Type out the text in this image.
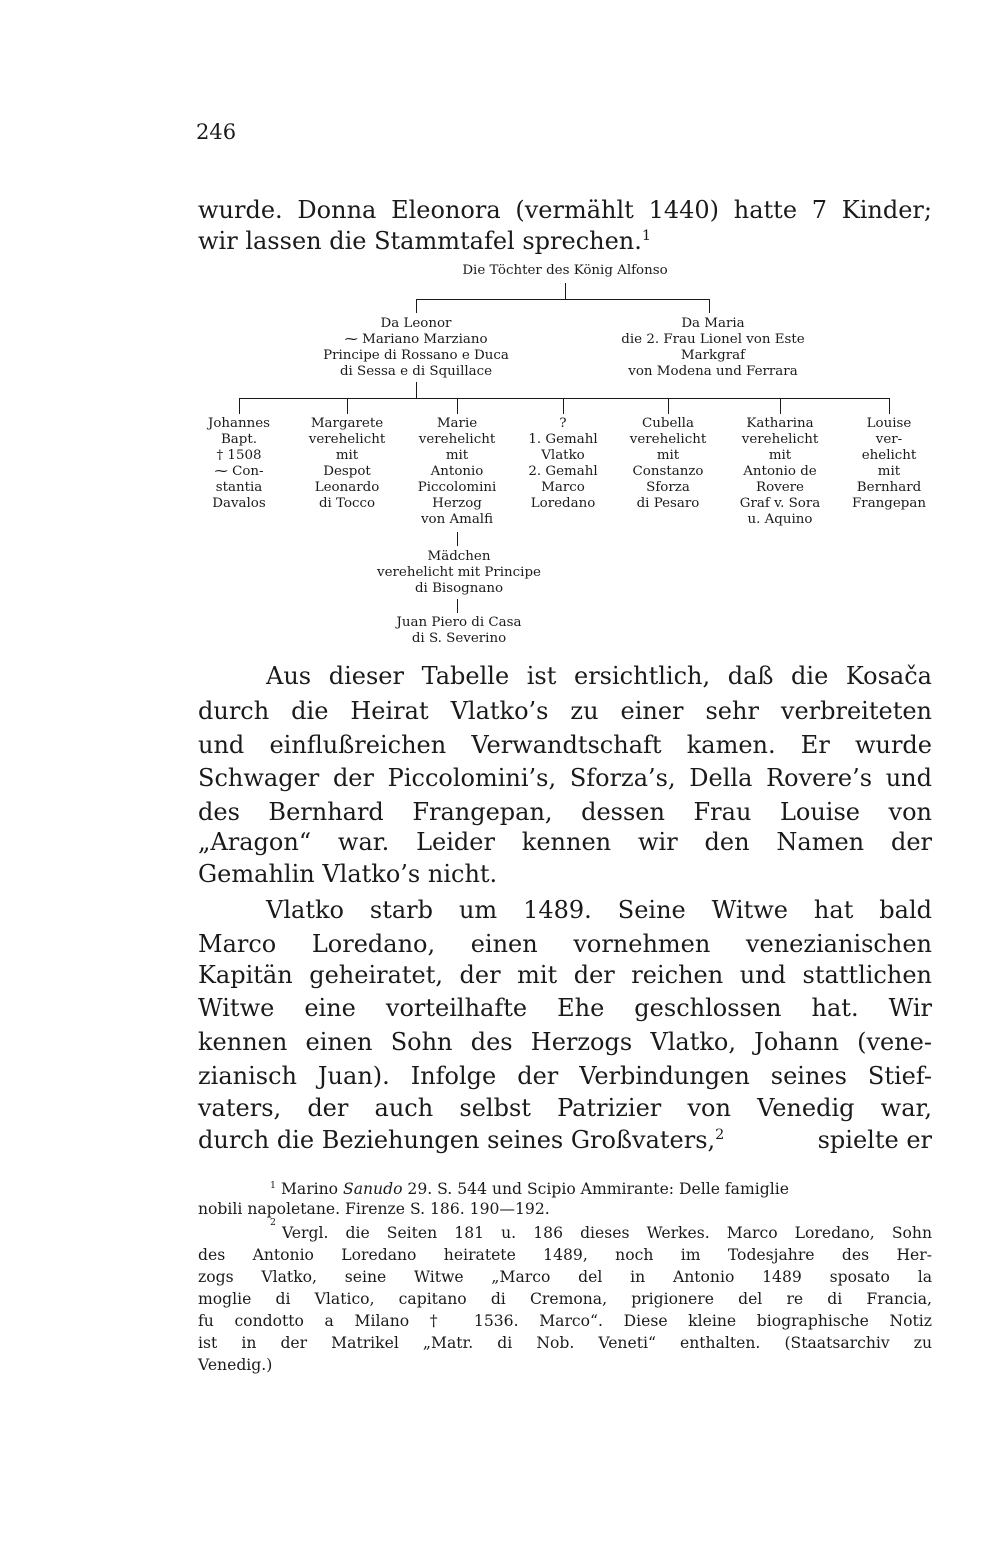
246
wurde. Donna Eleonora (vermählt 1440) hatte 7 Kinder;
wir lassen die Stammtafel sprechen.$^1$
Die Töchter des König Alfonso
Da Leonor
⁓ Mariano Marziano
Principe di Rossano e Duca
di Sessa e di Squillace
Da Maria
die 2. Frau Lionel von Este
Markgraf
von Modena und Ferrara
Johannes
Bapt.
† 1508
⁓ Con-
stantia
Davalos
Margarete
verehelicht
mit
Despot
Leonardo
di Tocco
Marie
verehelicht
mit
Antonio
Piccolomini
Herzog
von Amalfi
?
1. Gemahl
Vlatko
2. Gemahl
Marco
Loredano
Cubella
verehelicht
mit
Constanzo
Sforza
di Pesaro
Katharina
verehelicht
mit
Antonio de
Rovere
Graf v. Sora
u. Aquino
Louise
ver-
ehelicht
mit
Bernhard
Frangepan
Mädchen
verehelicht mit Principe
di Bisognano
Juan Piero di Casa
di S. Severino
Aus dieser Tabelle ist ersichtlich, daß die Kosača
durch die Heirat Vlatko’s zu einer sehr verbreiteten
und einflußreichen Verwandtschaft kamen. Er wurde
Schwager der Piccolomini’s, Sforza’s, Della Rovere’s und
des Bernhard Frangepan, dessen Frau Louise von
„Aragon“ war. Leider kennen wir den Namen der
Gemahlin Vlatko’s nicht.
Vlatko starb um 1489. Seine Witwe hat bald
Marco Loredano, einen vornehmen venezianischen
Kapitän geheiratet, der mit der reichen und stattlichen
Witwe eine vorteilhafte Ehe geschlossen hat. Wir
kennen einen Sohn des Herzogs Vlatko, Johann (vene-
zianisch Juan). Infolge der Verbindungen seines Stief-
vaters, der auch selbst Patrizier von Venedig war,
durch die Beziehungen seines Großvaters,$^2$	spielte er
$^1$ Marino Sanudo 29. S. 544 und Scipio Ammirante: Delle famiglie
nobili napoletane. Firenze S. 186. 190—192.
2
Vergl. die Seiten 181 u. 186 dieses Werkes. Marco Loredano, Sohn
des Antonio Loredano heiratete 1489, noch im Todesjahre des Her-
zogs Vlatko, seine Witwe „Marco del in Antonio 1489 sposato la
moglie di Vlatico, capitano di Cremona, prigionere del re di Francia,
fu condotto a Milano † 1536. Marco“. Diese kleine biographische Notiz
ist in der Matrikel „Matr. di Nob. Veneti“ enthalten. (Staatsarchiv zu
Venedig.)
